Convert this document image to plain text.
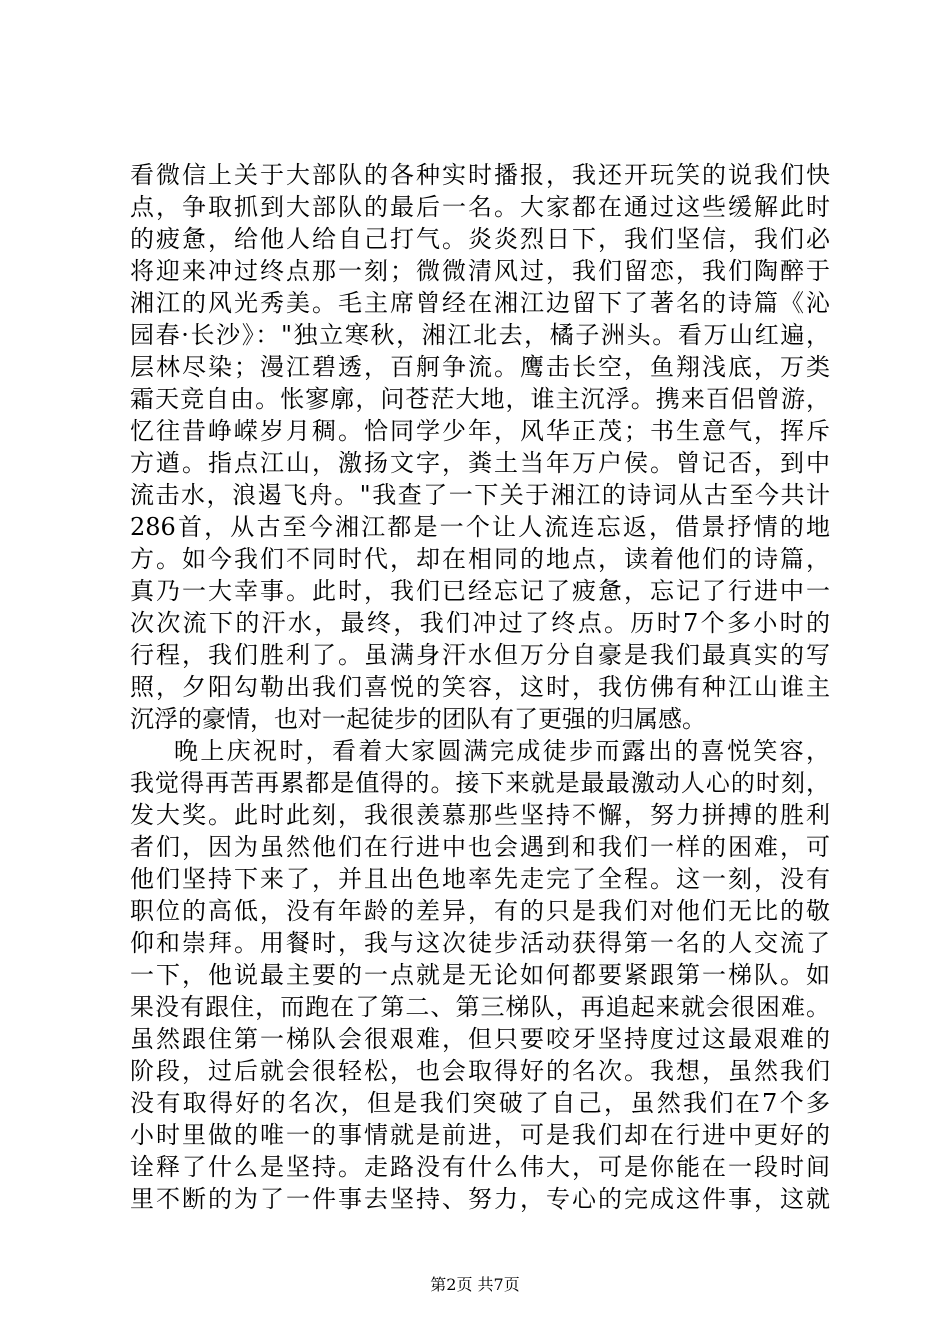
看微信上关于大部队的各种实时播报，我还开玩笑的说我们快
点，争取抓到大部队的最后一名。大家都在通过这些缓解此时
的疲惫，给他人给自己打气。炎炎烈日下，我们坚信，我们必
将迎来冲过终点那一刻；微微清风过，我们留恋，我们陶醉于
湘江的风光秀美。毛主席曾经在湘江边留下了著名的诗篇《沁
园春·长沙》："独立寒秋，湘江北去，橘子洲头。看万山红遍，
层林尽染；漫江碧透，百舸争流。鹰击长空，鱼翔浅底，万类
霜天竞自由。怅寥廓，问苍茫大地，谁主沉浮。携来百侣曾游，
忆往昔峥嵘岁月稠。恰同学少年，风华正茂；书生意气，挥斥
方遒。指点江山，激扬文字，粪土当年万户侯。曾记否，到中
流击水，浪遏飞舟。"我查了一下关于湘江的诗词从古至今共计
286首，从古至今湘江都是一个让人流连忘返，借景抒情的地
方。如今我们不同时代，却在相同的地点，读着他们的诗篇，
真乃一大幸事。此时，我们已经忘记了疲惫，忘记了行进中一
次次流下的汗水，最终，我们冲过了终点。历时7个多小时的
行程，我们胜利了。虽满身汗水但万分自豪是我们最真实的写
照，夕阳勾勒出我们喜悦的笑容，这时，我仿佛有种江山谁主
沉浮的豪情，也对一起徒步的团队有了更强的归属感。
晚上庆祝时，看着大家圆满完成徒步而露出的喜悦笑容，
我觉得再苦再累都是值得的。接下来就是最最激动人心的时刻，
发大奖。此时此刻，我很羡慕那些坚持不懈，努力拼搏的胜利
者们，因为虽然他们在行进中也会遇到和我们一样的困难，可
他们坚持下来了，并且出色地率先走完了全程。这一刻，没有
职位的高低，没有年龄的差异，有的只是我们对他们无比的敬
仰和崇拜。用餐时，我与这次徒步活动获得第一名的人交流了
一下，他说最主要的一点就是无论如何都要紧跟第一梯队。如
果没有跟住，而跑在了第二、第三梯队，再追起来就会很困难。
虽然跟住第一梯队会很艰难，但只要咬牙坚持度过这最艰难的
阶段，过后就会很轻松，也会取得好的名次。我想，虽然我们
没有取得好的名次，但是我们突破了自己，虽然我们在7个多
小时里做的唯一的事情就是前进，可是我们却在行进中更好的
诠释了什么是坚持。走路没有什么伟大，可是你能在一段时间
里不断的为了一件事去坚持、努力，专心的完成这件事，这就
第2页 共7页
